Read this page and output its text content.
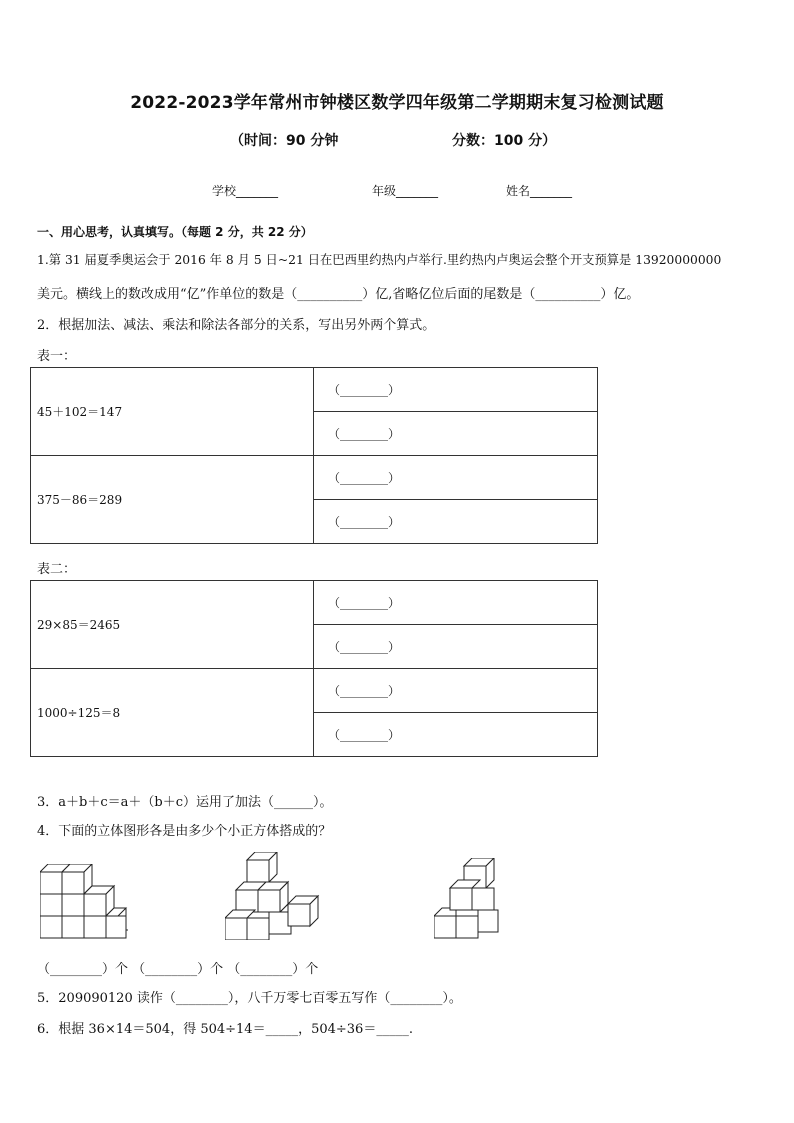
2022-2023学年常州市钟楼区数学四年级第二学期期末复习检测试题
（时间：90 分钟	分数：100 分）
学校_______	年级_______	姓名_______
一、用心思考，认真填写。（每题 2 分，共 22 分）
1.第 31 届夏季奥运会于 2016 年 8 月 5 日~21 日在巴西里约热内卢举行.里约热内卢奥运会整个开支预算是 13920000000
美元。横线上的数改成用“亿”作单位的数是（__________）亿,省略亿位后面的尾数是（__________）亿。
2．根据加法、减法、乘法和除法各部分的关系，写出另外两个算式。
表一：
45＋102＝147	（________）
	（________）
375－86＝289	（________）
	（________）
表二：
29×85＝2465	（________）
	（________）
1000÷125＝8	（________）
	（________）
3．a＋b＋c＝a＋（b＋c）运用了加法（______）。
4．下面的立体图形各是由多少个小正方体搭成的？
（________）个 （________）个 （________）个
5．209090120 读作（________），八千万零七百零五写作（________）。
6．根据 36×14＝504，得 504÷14＝_____，504÷36＝_____.
